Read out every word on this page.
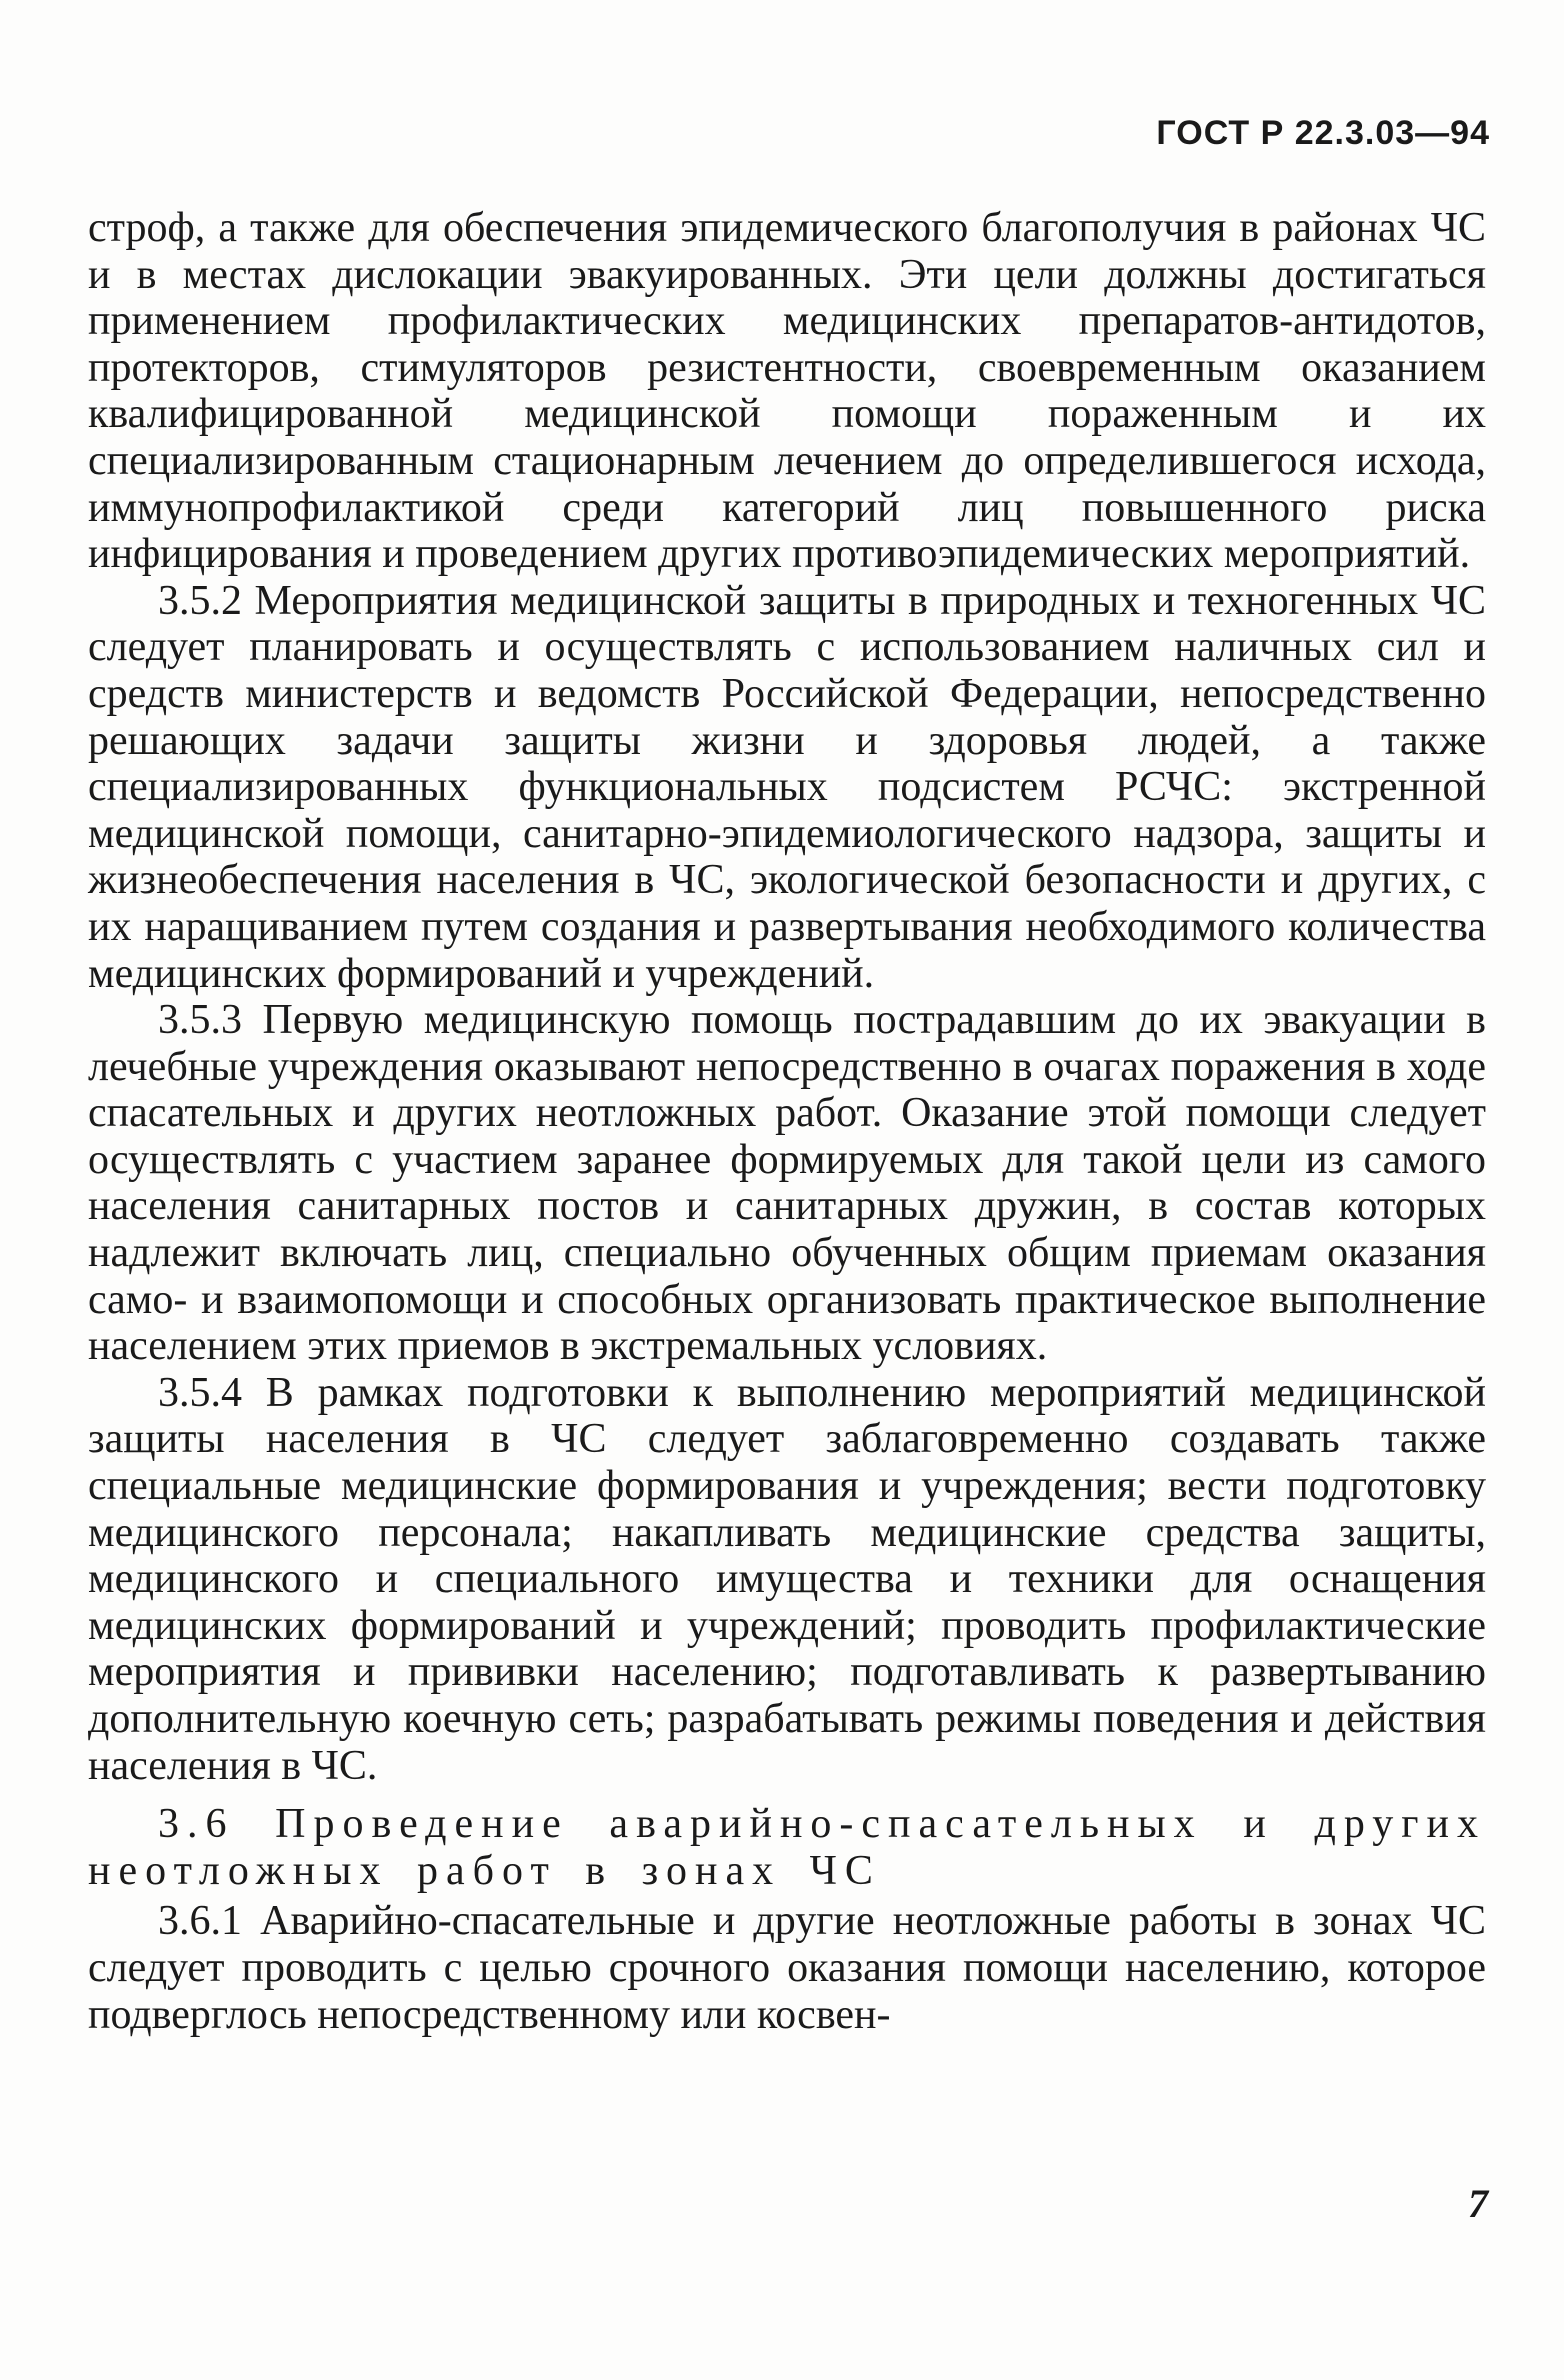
ГОСТ Р 22.3.03—94

строф, а также для обеспечения эпидемического благополучия в районах ЧС и в местах дислокации эвакуированных. Эти цели должны достигаться применением профилактических медицинских препаратов-антидотов, протекторов, стимуляторов резистентности, своевременным оказанием квалифицированной медицинской помощи пораженным и их специализированным стационарным лечением до определившегося исхода, иммунопрофилактикой среди категорий лиц повышенного риска инфицирования и проведением других противоэпидемических мероприятий.

3.5.2 Мероприятия медицинской защиты в природных и техногенных ЧС следует планировать и осуществлять с использованием наличных сил и средств министерств и ведомств Российской Федерации, непосредственно решающих задачи защиты жизни и здоровья людей, а также специализированных функциональных подсистем РСЧС: экстренной медицинской помощи, санитарно-эпидемиологического надзора, защиты и жизнеобеспечения населения в ЧС, экологической безопасности и других, с их наращиванием путем создания и развертывания необходимого количества медицинских формирований и учреждений.

3.5.3 Первую медицинскую помощь пострадавшим до их эвакуации в лечебные учреждения оказывают непосредственно в очагах поражения в ходе спасательных и других неотложных работ. Оказание этой помощи следует осуществлять с участием заранее формируемых для такой цели из самого населения санитарных постов и санитарных дружин, в состав которых надлежит включать лиц, специально обученных общим приемам оказания само- и взаимопомощи и способных организовать практическое выполнение населением этих приемов в экстремальных условиях.

3.5.4 В рамках подготовки к выполнению мероприятий медицинской защиты населения в ЧС следует заблаговременно создавать также специальные медицинские формирования и учреждения; вести подготовку медицинского персонала; накапливать медицинские средства защиты, медицинского и специального имущества и техники для оснащения медицинских формирований и учреждений; проводить профилактические мероприятия и прививки населению; подготавливать к развертыванию дополнительную коечную сеть; разрабатывать режимы поведения и действия населения в ЧС.

3.6 Проведение аварийно-спасательных и других неотложных работ в зонах ЧС

3.6.1 Аварийно-спасательные и другие неотложные работы в зонах ЧС следует проводить с целью срочного оказания помощи населению, которое подверглось непосредственному или косвен-

7
